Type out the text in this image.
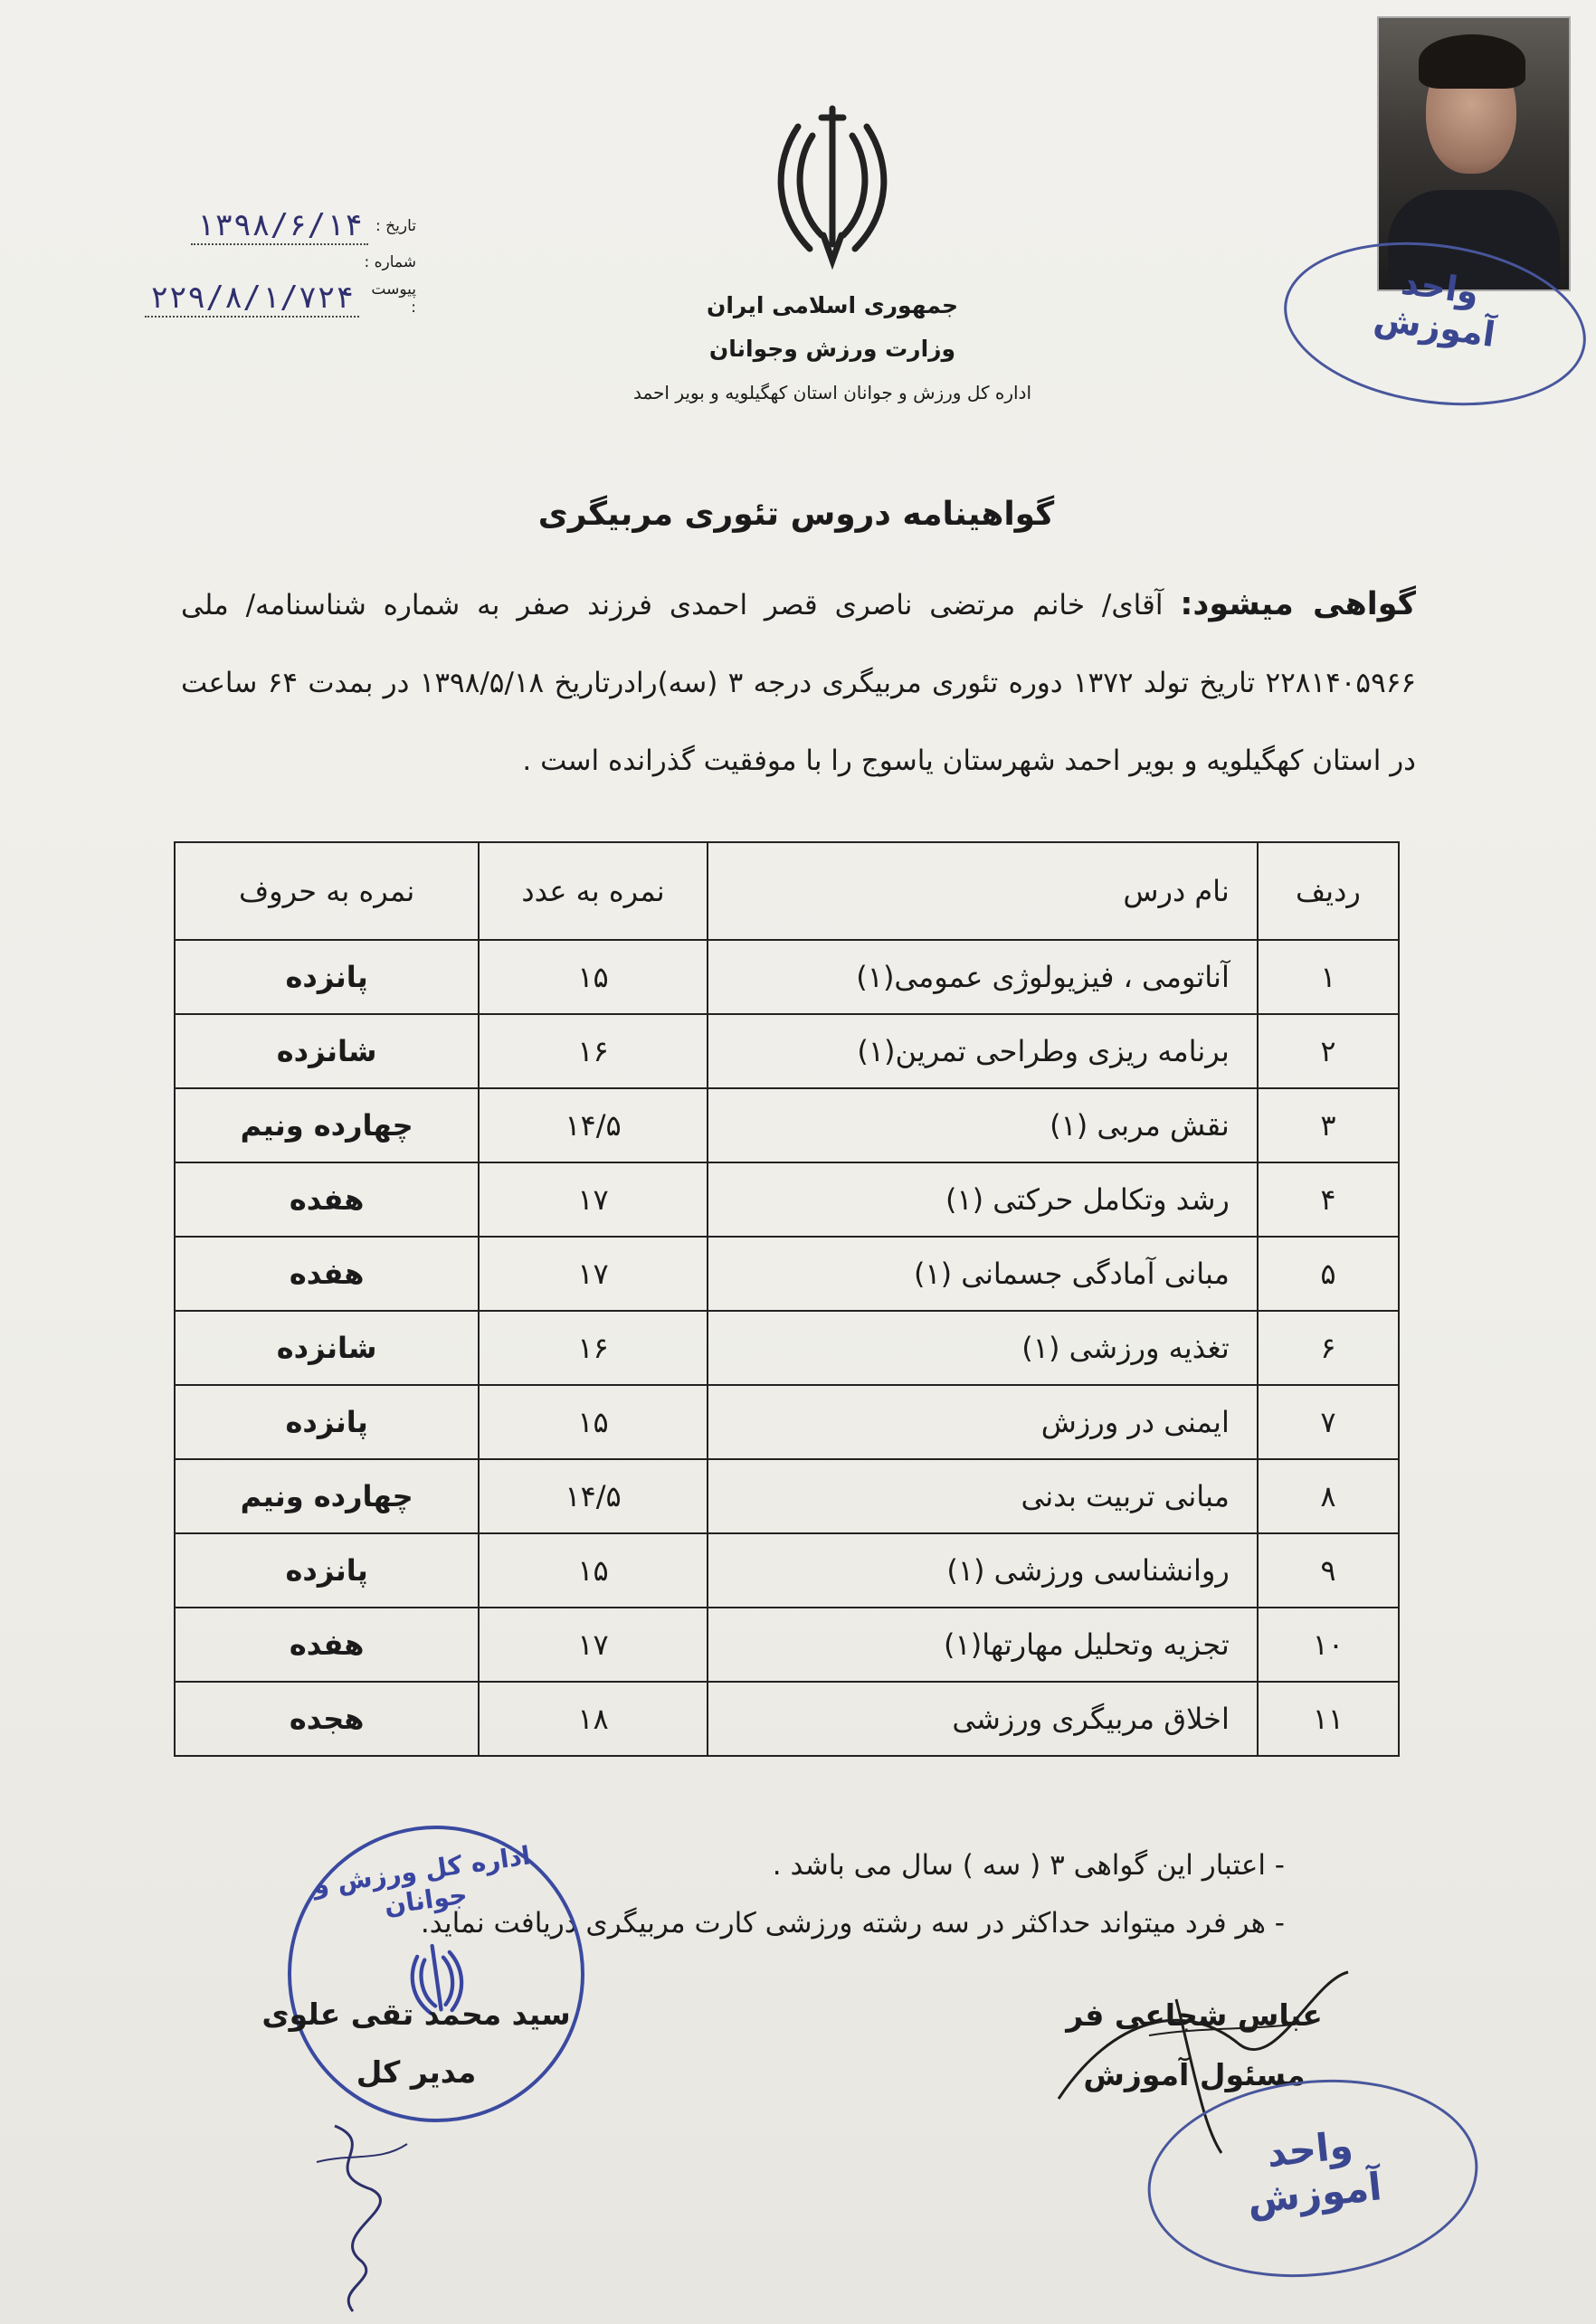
جمهوری اسلامی ایران
وزارت ورزش وجوانان
اداره کل ورزش و جوانان استان کهگیلویه و بویر احمد
تاریخ :
۱۳۹۸/۶/۱۴
شماره :
پیوست :
۲۲۹/۸/۱/۷۲۴	واحد
آموزش
گواهینامه دروس تئوری مربیگری
گواهی میشود: آقای/ خانم مرتضی ناصری قصر احمدی فرزند صفر به شماره شناسنامه/ ملی ۲۲۸۱۴۰۵۹۶۶ تاریخ تولد ۱۳۷۲ دوره تئوری مربیگری درجه ۳ (سه)رادرتاریخ ۱۳۹۸/۵/۱۸ در بمدت ۶۴ ساعت در استان کهگیلویه و بویر احمد شهرستان یاسوج را با موفقیت گذرانده است .
ردیف	نام درس	نمره به عدد	نمره به حروف
۱	آناتومی ، فیزیولوژی عمومی(۱)	۱۵	پانزده
۲	برنامه ریزی وطراحی تمرین(۱)	۱۶	شانزده
۳	نقش مربی (۱)	۱۴/۵	چهارده ونیم
۴	رشد وتکامل حرکتی (۱)	۱۷	هفده
۵	مبانی آمادگی جسمانی (۱)	۱۷	هفده
۶	تغذیه ورزشی (۱)	۱۶	شانزده
۷	ایمنی در ورزش	۱۵	پانزده
۸	مبانی تربیت بدنی	۱۴/۵	چهارده ونیم
۹	روانشناسی ورزشی (۱)	۱۵	پانزده
۱۰	تجزیه وتحلیل مهارتها(۱)	۱۷	هفده
۱۱	اخلاق مربیگری ورزشی	۱۸	هجده
- اعتبار این گواهی ۳ ( سه ) سال می باشد .
- هر فرد میتواند حداکثر در سه رشته ورزشی کارت مربیگری دریافت نماید.
اداره کل ورزش و جوانان
سید محمد تقی علوی
مدیر کل
عباس شجاعی فر
مسئول آموزش
واحد
آموزش
